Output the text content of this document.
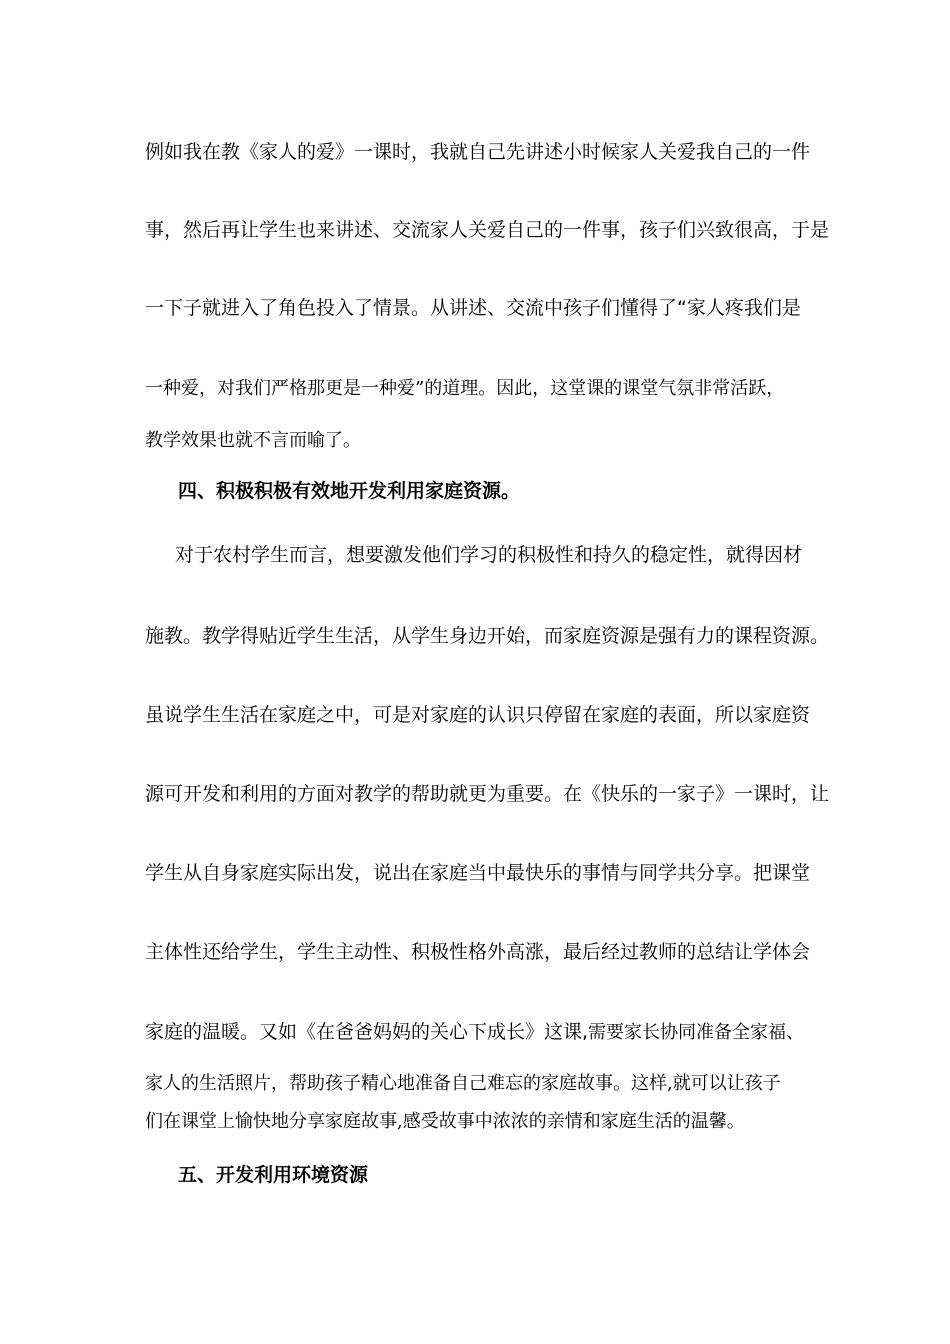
例如我在教《家人的爱》一课时，我就自己先讲述小时候家人关爱我自己的一件
事，然后再让学生也来讲述、交流家人关爱自己的一件事，孩子们兴致很高，于是
一下子就进入了角色投入了情景。从讲述、交流中孩子们懂得了“家人疼我们是
一种爱，对我们严格那更是一种爱”的道理。因此，这堂课的课堂气氛非常活跃，
教学效果也就不言而喻了。
四、积极积极有效地开发利用家庭资源。
对于农村学生而言，想要激发他们学习的积极性和持久的稳定性，就得因材
施教。教学得贴近学生生活，从学生身边开始，而家庭资源是强有力的课程资源。
虽说学生生活在家庭之中，可是对家庭的认识只停留在家庭的表面，所以家庭资
源可开发和利用的方面对教学的帮助就更为重要。在《快乐的一家子》一课时，让
学生从自身家庭实际出发，说出在家庭当中最快乐的事情与同学共分享。把课堂
主体性还给学生，学生主动性、积极性格外高涨，最后经过教师的总结让学体会
家庭的温暖。又如《在爸爸妈妈的关心下成长》这课,需要家长协同准备全家福、
家人的生活照片，帮助孩子精心地准备自己难忘的家庭故事。这样,就可以让孩子
们在课堂上愉快地分享家庭故事,感受故事中浓浓的亲情和家庭生活的温馨。
五、开发利用环境资源
